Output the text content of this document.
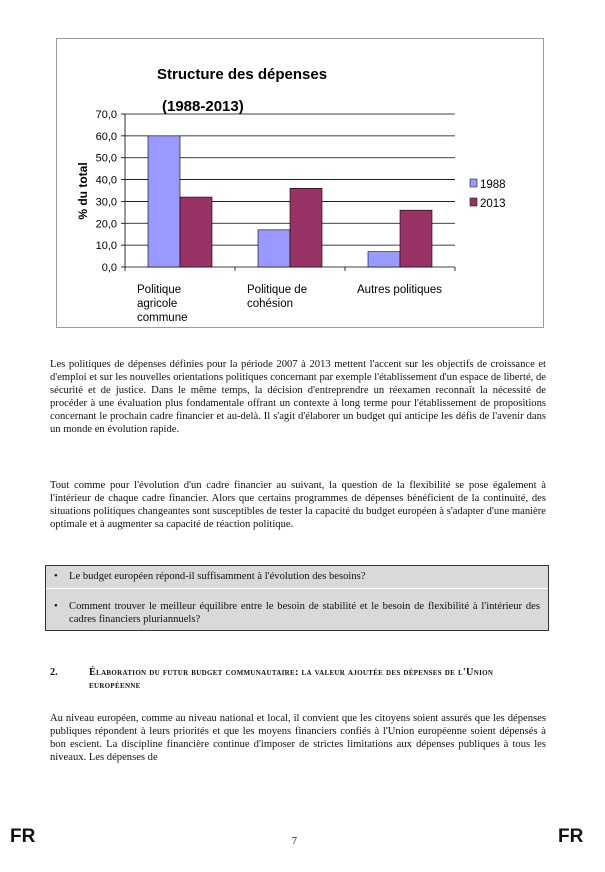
Structure des dépenses
(1988-2013)
% du total
0,0
10,0
20,0
30,0
40,0
50,0
60,0
70,0
Politique agricole commune
Politique de cohésion
Autres politiques
1988
2013

Les politiques de dépenses définies pour la période 2007 à 2013 mettent l'accent sur les objectifs de croissance et d'emploi et sur les nouvelles orientations politiques concernant par exemple l'établissement d'un espace de liberté, de sécurité et de justice. Dans le même temps, la décision d'entreprendre un réexamen reconnaît la nécessité de procéder à une évaluation plus fondamentale offrant un contexte à long terme pour l'établissement de propositions concernant le prochain cadre financier et au-delà. Il s'agit d'élaborer un budget qui anticipe les défis de l'avenir dans un monde en évolution rapide.

Tout comme pour l'évolution d'un cadre financier au suivant, la question de la flexibilité se pose également à l'intérieur de chaque cadre financier. Alors que certains programmes de dépenses bénéficient de la continuité, des situations politiques changeantes sont susceptibles de tester la capacité du budget européen à s'adapter d'une manière optimale et à augmenter sa capacité de réaction politique.

•	Le budget européen répond-il suffisamment à l'évolution des besoins?
•	Comment trouver le meilleur équilibre entre le besoin de stabilité et le besoin de flexibilité à l'intérieur des cadres financiers pluriannuels?
2.	Élaboration du futur budget communautaire: la valeur ajoutée des dépenses de l'Union européenne

Au niveau européen, comme au niveau national et local, il convient que les citoyens soient assurés que les dépenses publiques répondent à leurs priorités et que les moyens financiers confiés à l'Union européenne soient dépensés à bon escient. La discipline financière continue d'imposer de strictes limitations aux dépenses publiques à tous les niveaux. Les dépenses de

FR	7	FR
